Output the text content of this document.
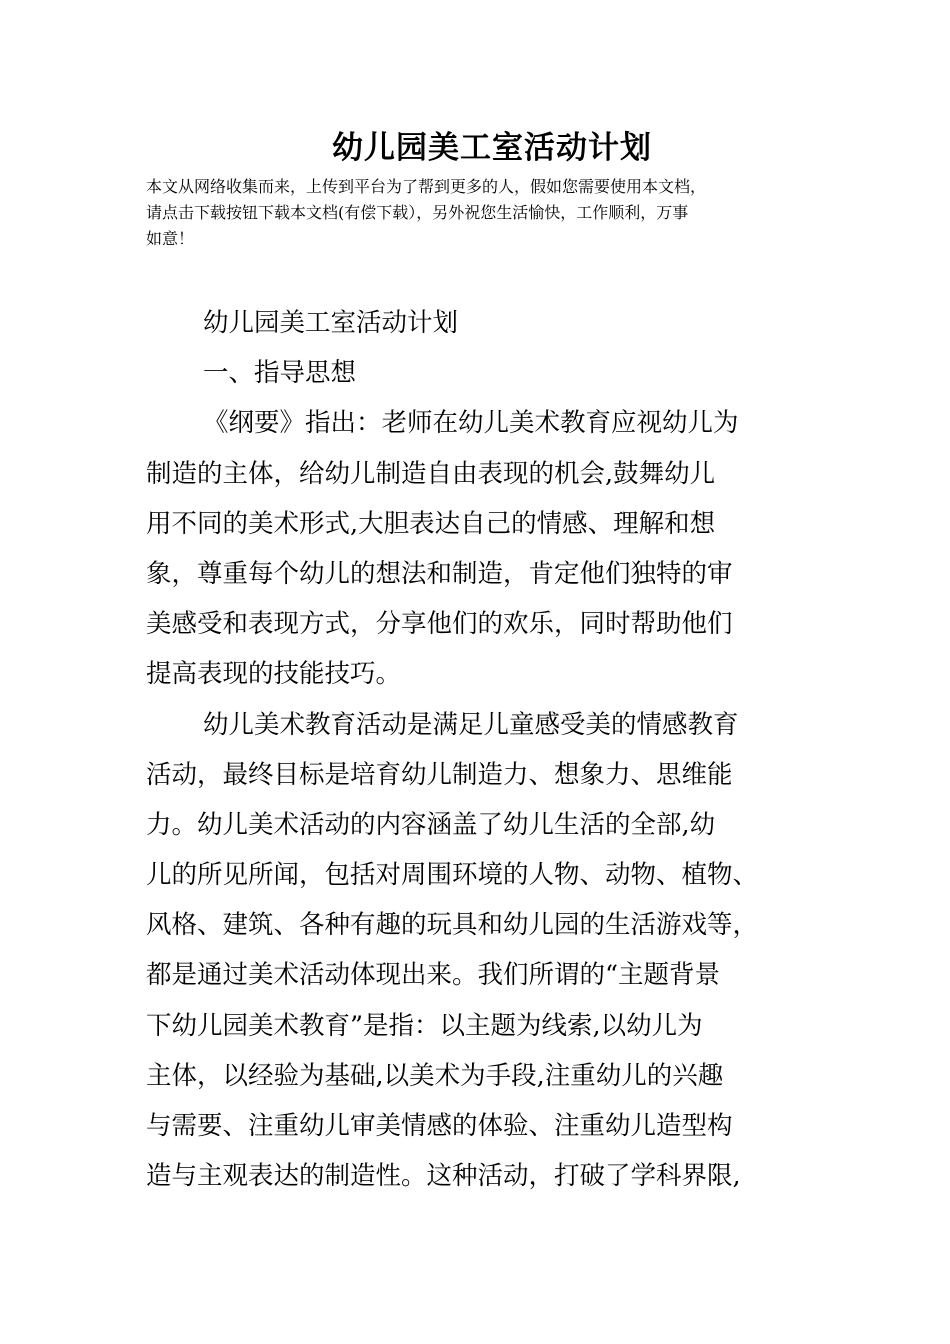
幼儿园美工室活动计划

本文从网络收集而来，上传到平台为了帮到更多的人，假如您需要使用本文档，
请点击下载按钮下载本文档(有偿下载），另外祝您生活愉快，工作顺利，万事
如意！

幼儿园美工室活动计划
一、指导思想
《纲要》指出：老师在幼儿美术教育应视幼儿为
制造的主体，给幼儿制造自由表现的机会,鼓舞幼儿
用不同的美术形式,大胆表达自己的情感、理解和想
象，尊重每个幼儿的想法和制造，肯定他们独特的审
美感受和表现方式，分享他们的欢乐，同时帮助他们
提高表现的技能技巧。
幼儿美术教育活动是满足儿童感受美的情感教育
活动，最终目标是培育幼儿制造力、想象力、思维能
力。幼儿美术活动的内容涵盖了幼儿生活的全部,幼
儿的所见所闻，包括对周围环境的人物、动物、植物、
风格、建筑、各种有趣的玩具和幼儿园的生活游戏等，
都是通过美术活动体现出来。我们所谓的“主题背景
下幼儿园美术教育”是指：以主题为线索,以幼儿为
主体，以经验为基础,以美术为手段,注重幼儿的兴趣
与需要、注重幼儿审美情感的体验、注重幼儿造型构
造与主观表达的制造性。这种活动，打破了学科界限,
